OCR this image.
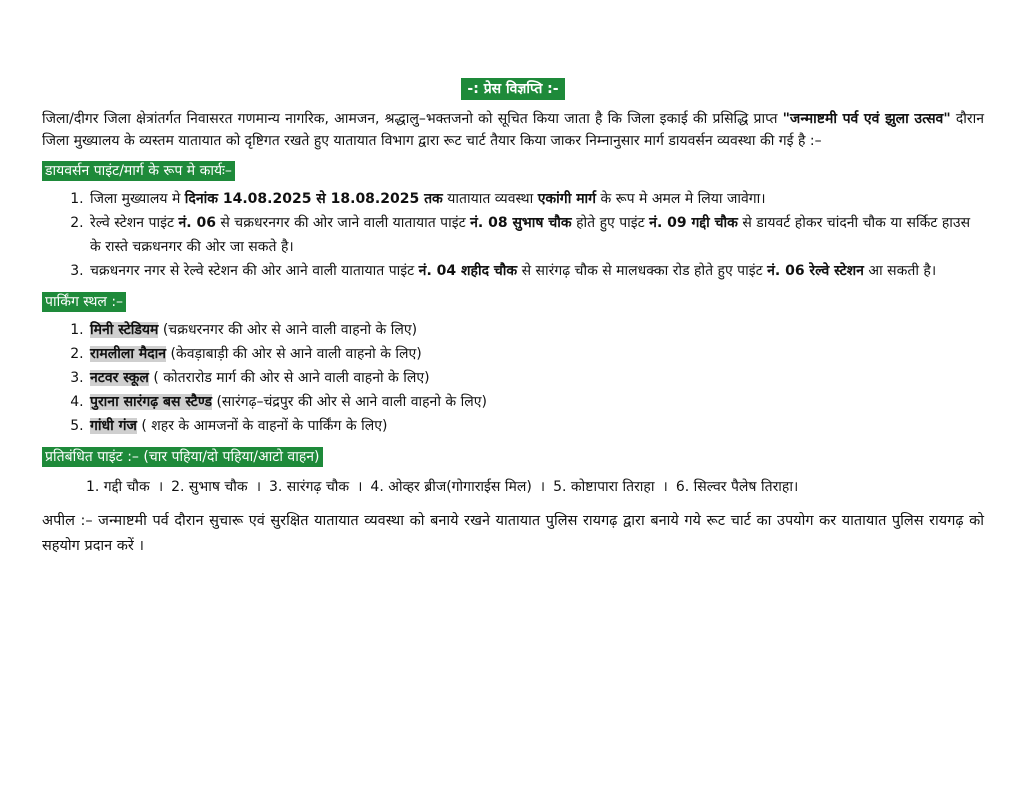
-: प्रेस विज्ञप्ति :-

जिला/दीगर जिला क्षेत्रांतर्गत निवासरत गणमान्य नागरिक, आमजन, श्रद्धालु–भक्तजनो को सूचित किया जाता है कि जिला इकाई की प्रसिद्धि प्राप्त "जन्माष्टमी पर्व एवं झुला उत्सव" दौरान जिला मुख्यालय के व्यस्तम यातायात को दृष्टिगत रखते हुए यातायात विभाग द्वारा रूट चार्ट तैयार किया जाकर निम्नानुसार मार्ग डायवर्सन व्यवस्था की गई है :–

डायवर्सन पाइंट/मार्ग के रूप मे कार्यः–
1. जिला मुख्यालय मे दिनांक 14.08.2025 से 18.08.2025 तक यातायात व्यवस्था एकांगी मार्ग के रूप मे अमल मे लिया जावेगा।
2. रेल्वे स्टेशन पाइंट नं. 06 से चक्रधरनगर की ओर जाने वाली यातायात पाइंट नं. 08 सुभाष चौक होते हुए पाइंट नं. 09 गद्दी चौक से डायवर्ट होकर चांदनी चौक या सर्किट हाउस के रास्ते चक्रधनगर की ओर जा सकते है।
3. चक्रधनगर नगर से रेल्वे स्टेशन की ओर आने वाली यातायात पाइंट नं. 04 शहीद चौक से सारंगढ़ चौक से मालधक्का रोड होते हुए पाइंट नं. 06 रेल्वे स्टेशन आ सकती है।
पार्किंग स्थल :–
1. मिनी स्टेडियम (चक्रधरनगर की ओर से आने वाली वाहनो के लिए)
2. रामलीला मैदान (केवड़ाबाड़ी की ओर से आने वाली वाहनो के लिए)
3. नटवर स्कूल ( कोतरारोड मार्ग की ओर से आने वाली वाहनो के लिए)
4. पुराना सारंगढ़ बस स्टैण्ड (सारंगढ़–चंद्रपुर की ओर से आने वाली वाहनो के लिए)
5. गांधी गंज ( शहर के आमजनों के वाहनों के पार्किंग के लिए)
प्रतिबंधित पाइंट :– (चार पहिया/दो पहिया/आटो वाहन)
1. गद्दी चौक । 2. सुभाष चौक । 3. सारंगढ़ चौक । 4. ओव्हर ब्रीज(गोगाराईस मिल) । 5. कोष्टापारा तिराहा । 6. सिल्वर पैलेष तिराहा।

अपील :– जन्माष्टमी पर्व दौरान सुचारू एवं सुरक्षित यातायात व्यवस्था को बनाये रखने यातायात पुलिस रायगढ़ द्वारा बनाये गये रूट चार्ट का उपयोग कर यातायात पुलिस रायगढ़ को सहयोग प्रदान करें ।
